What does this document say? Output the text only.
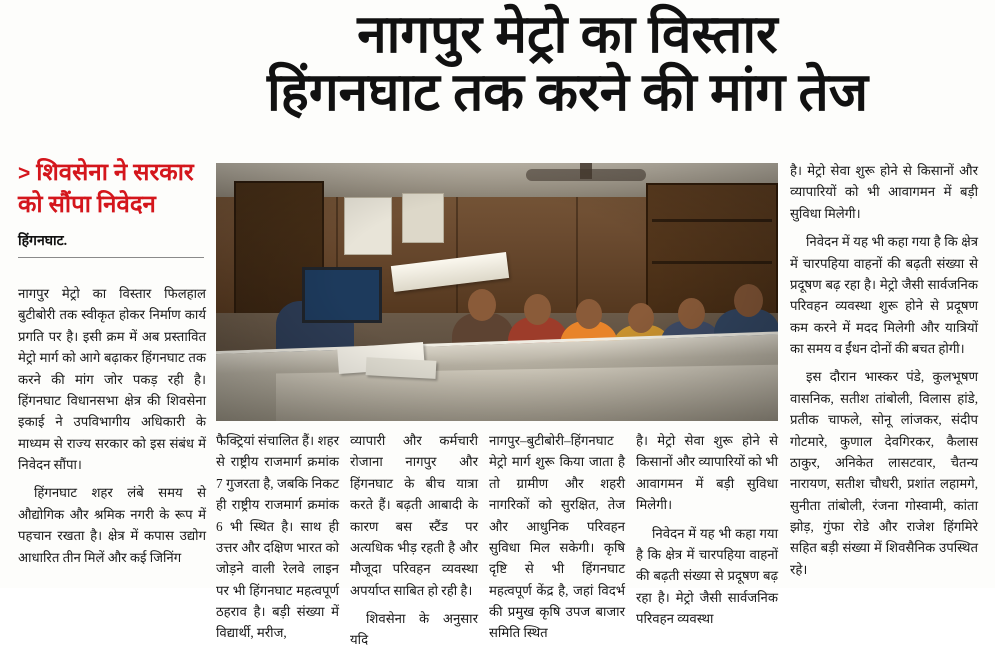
नागपुर मेट्रो का विस्तार
हिंगनघाट तक करने की मांग तेज
> शिवसेना ने सरकार को सौंपा निवेदन
हिंगनघाट.

नागपुर मेट्रो का विस्तार फिलहाल बुटीबोरी तक स्वीकृत होकर निर्माण कार्य प्रगति पर है। इसी क्रम में अब प्रस्तावित मेट्रो मार्ग को आगे बढ़ाकर हिंगनघाट तक करने की मांग जोर पकड़ रही है। हिंगनघाट विधानसभा क्षेत्र की शिवसेना इकाई ने उपविभागीय अधिकारी के माध्यम से राज्य सरकार को इस संबंध में निवेदन सौंपा।

हिंगनघाट शहर लंबे समय से औद्योगिक और श्रमिक नगरी के रूप में पहचान रखता है। क्षेत्र में कपास उद्योग आधारित तीन मिलें और कई जिनिंग

फैक्ट्रियां संचालित हैं। शहर से राष्ट्रीय राजमार्ग क्रमांक 7 गुजरता है, जबकि निकट ही राष्ट्रीय राजमार्ग क्रमांक 6 भी स्थित है। साथ ही उत्तर और दक्षिण भारत को जोड़ने वाली रेलवे लाइन पर भी हिंगनघाट महत्वपूर्ण ठहराव है। बड़ी संख्या में विद्यार्थी, मरीज,

व्यापारी और कर्मचारी रोजाना नागपुर और हिंगनघाट के बीच यात्रा करते हैं। बढ़ती आबादी के कारण बस स्टैंड पर अत्यधिक भीड़ रहती है और मौजूदा परिवहन व्यवस्था अपर्याप्त साबित हो रही है।

शिवसेना के अनुसार यदि

नागपुर–बुटीबोरी–हिंगनघाट मेट्रो मार्ग शुरू किया जाता है तो ग्रामीण और शहरी नागरिकों को सुरक्षित, तेज और आधुनिक परिवहन सुविधा मिल सकेगी। कृषि दृष्टि से भी हिंगनघाट महत्वपूर्ण केंद्र है, जहां विदर्भ की प्रमुख कृषि उपज बाजार समिति स्थित

है। मेट्रो सेवा शुरू होने से किसानों और व्यापारियों को भी आवागमन में बड़ी सुविधा मिलेगी।

निवेदन में यह भी कहा गया है कि क्षेत्र में चारपहिया वाहनों की बढ़ती संख्या से प्रदूषण बढ़ रहा है। मेट्रो जैसी सार्वजनिक परिवहन व्यवस्था

है। मेट्रो सेवा शुरू होने से किसानों और व्यापारियों को भी आवागमन में बड़ी सुविधा मिलेगी।

निवेदन में यह भी कहा गया है कि क्षेत्र में चारपहिया वाहनों की बढ़ती संख्या से प्रदूषण बढ़ रहा है। मेट्रो जैसी सार्वजनिक परिवहन व्यवस्था शुरू होने से प्रदूषण कम करने में मदद मिलेगी और यात्रियों का समय व ईंधन दोनों की बचत होगी।

इस दौरान भास्कर पंडे, कुलभूषण वासनिक, सतीश तांबोली, विलास हांडे, प्रतीक चाफले, सोनू लांजकर, संदीप गोटमारे, कुणाल देवगिरकर, कैलास ठाकुर, अनिकेत लासटवार, चैतन्य नारायण, सतीश चौधरी, प्रशांत लहामगे, सुनीता तांबोली, रंजना गोस्वामी, कांता झोड़, गुंफा रोडे और राजेश हिंगमिरे सहित बड़ी संख्या में शिवसैनिक उपस्थित रहे।
